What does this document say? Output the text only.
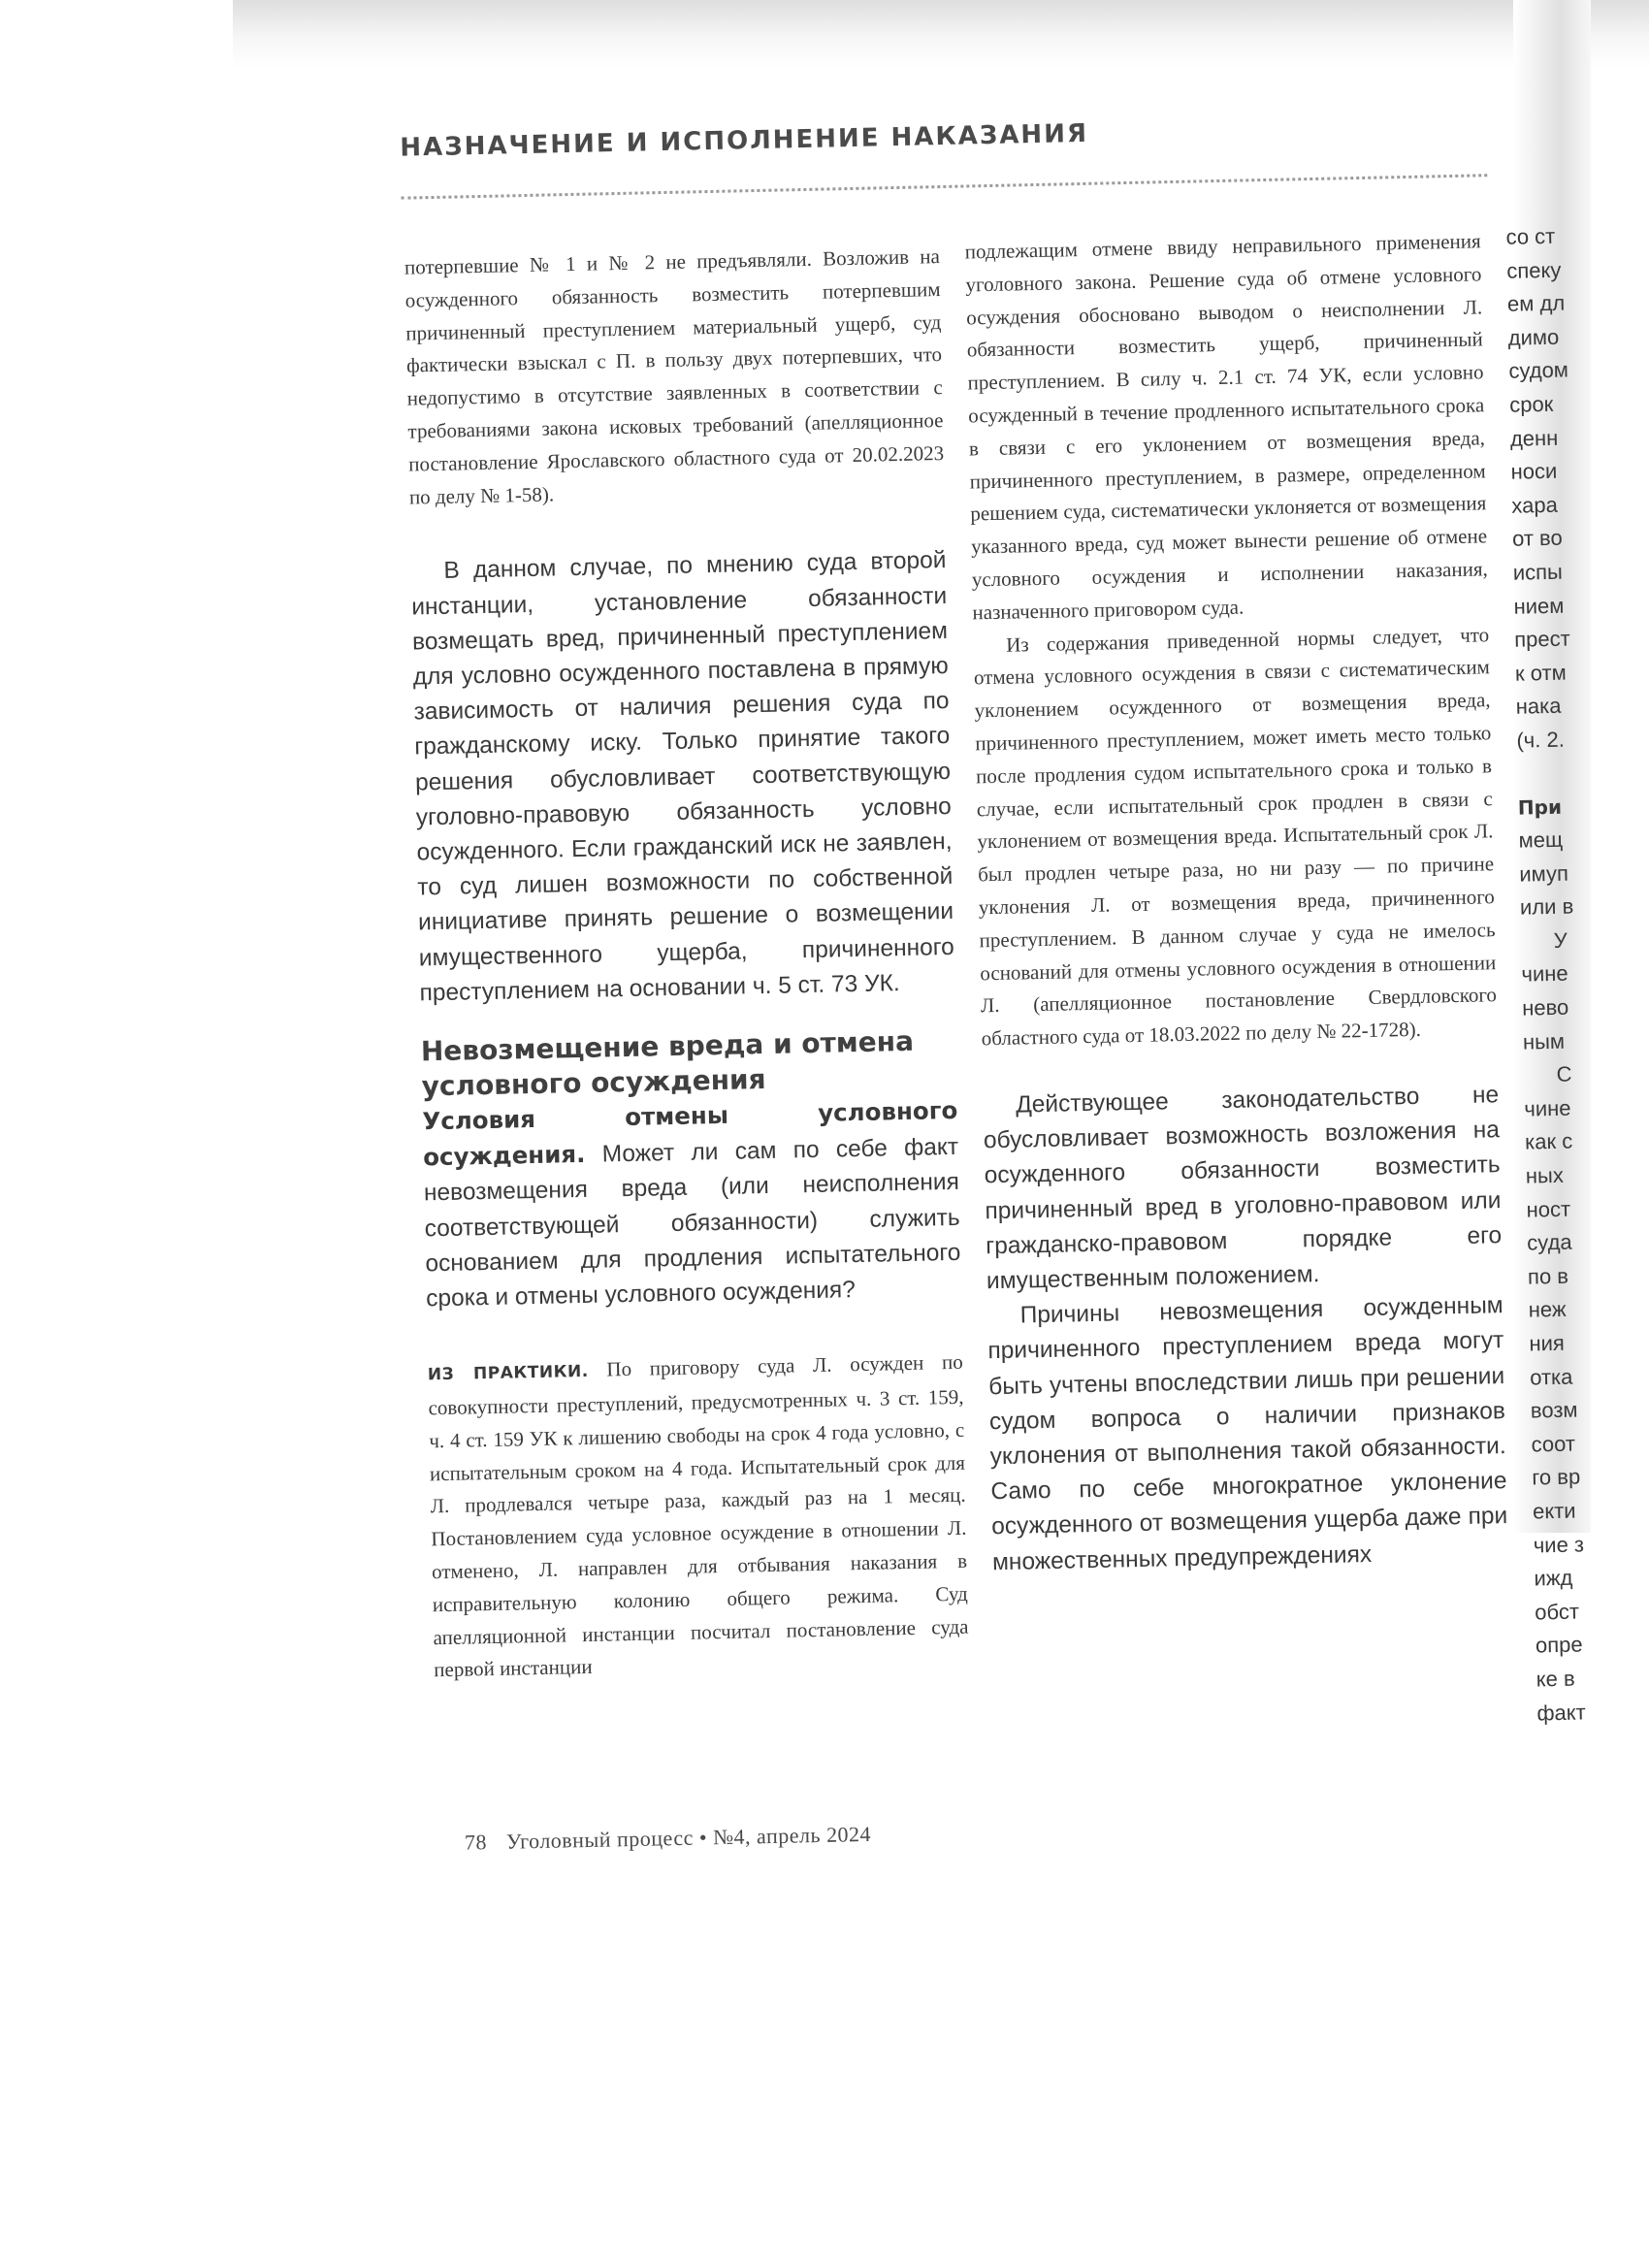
НАЗНАЧЕНИЕ И ИСПОЛНЕНИЕ НАКАЗАНИЯ

потерпевшие № 1 и № 2 не предъявляли. Возложив на осужденного обязанность возместить потерпевшим причиненный преступлением материальный ущерб, суд фактически взыскал с П. в пользу двух потерпевших, что недопустимо в отсутствие заявленных в соответствии с требованиями закона исковых требований (апелляционное постановление Ярославского областного суда от 20.02.2023 по делу № 1-58).

В данном случае, по мнению суда второй инстанции, установление обязанности возмещать вред, причиненный преступлением для условно осужденного поставлена в прямую зависимость от наличия решения суда по гражданскому иску. Только принятие такого решения обусловливает соответствующую уголовно-правовую обязанность условно осужденного. Если гражданский иск не заявлен, то суд лишен возможности по собственной инициативе принять решение о возмещении имущественного ущерба, причиненного преступлением на основании ч. 5 ст. 73 УК.

Невозмещение вреда и отмена условного осуждения

Условия отмены условного осуждения. Может ли сам по себе факт невозмещения вреда (или неисполнения соответствующей обязанности) служить основанием для продления испытательного срока и отмены условного осуждения?

ИЗ ПРАКТИКИ. По приговору суда Л. осужден по совокупности преступлений, предусмотренных ч. 3 ст. 159, ч. 4 ст. 159 УК к лишению свободы на срок 4 года условно, с испытательным сроком на 4 года. Испытательный срок для Л. продлевался четыре раза, каждый раз на 1 месяц. Постановлением суда условное осуждение в отношении Л. отменено, Л. направлен для отбывания наказания в исправительную колонию общего режима. Суд апелляционной инстанции посчитал постановление суда первой инстанции

подлежащим отмене ввиду неправильного применения уголовного закона. Решение суда об отмене условного осуждения обосновано выводом о неисполнении Л. обязанности возместить ущерб, причиненный преступлением. В силу ч. 2.1 ст. 74 УК, если условно осужденный в течение продленного испытательного срока в связи с его уклонением от возмещения вреда, причиненного преступлением, в размере, определенном решением суда, систематически уклоняется от возмещения указанного вреда, суд может вынести решение об отмене условного осуждения и исполнении наказания, назначенного приговором суда.

Из содержания приведенной нормы следует, что отмена условного осуждения в связи с систематическим уклонением осужденного от возмещения вреда, причиненного преступлением, может иметь место только после продления судом испытательного срока и только в случае, если испытательный срок продлен в связи с уклонением от возмещения вреда. Испытательный срок Л. был продлен четыре раза, но ни разу — по причине уклонения Л. от возмещения вреда, причиненного преступлением. В данном случае у суда не имелось оснований для отмены условного осуждения в отношении Л. (апелляционное постановление Свердловского областного суда от 18.03.2022 по делу № 22-1728).

Действующее законодательство не обусловливает возможность возложения на осужденного обязанности возместить причиненный вред в уголовно-правовом или гражданско-правовом порядке его имущественным положением.

Причины невозмещения осужденным причиненного преступлением вреда могут быть учтены впоследствии лишь при решении судом вопроса о наличии признаков уклонения от выполнения такой обязанности. Само по себе многократное уклонение осужденного от возмещения ущерба даже при множественных предупреждениях

со ст
спеку
ем дл
димо
судом
срок
денн
носи
хара
от во
испы
нием
прест
к отм
нака
(ч. 2.
При
мещ
имуп
или в
У
чине
нево
ным
С
чине
как с
ных
ност
суда
по в
неж
ния
отка
возм
соот
го вр
екти
чие з
ижд
обст
опре
ке в
факт
78 Уголовный процесс • №4, апрель 2024
